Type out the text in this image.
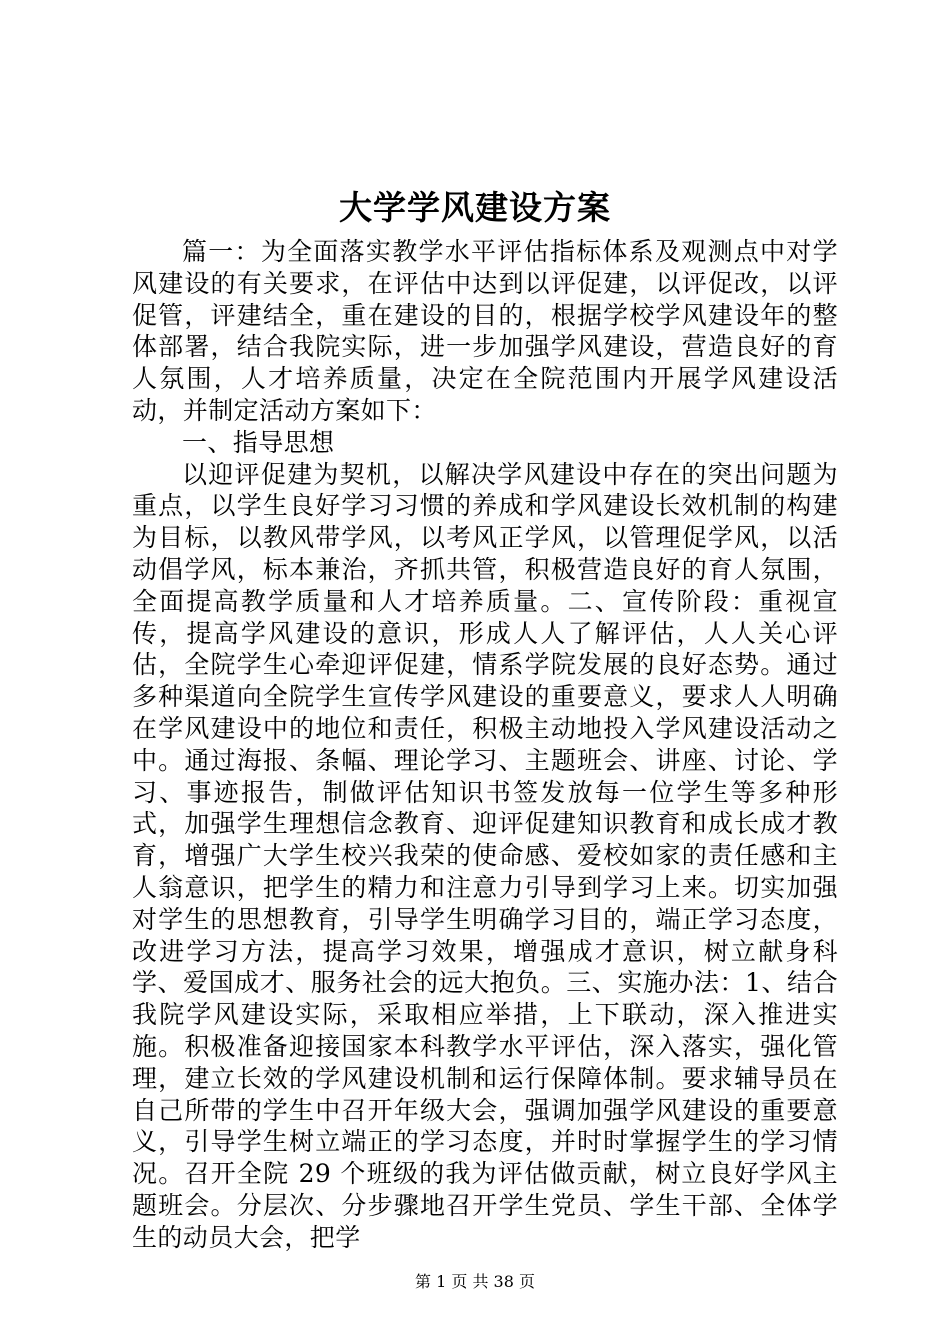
大学学风建设方案

篇一：为全面落实教学水平评估指标体系及观测点中对学风建设的有关要求，在评估中达到以评促建，以评促改，以评促管，评建结全，重在建设的目的，根据学校学风建设年的整体部署，结合我院实际，进一步加强学风建设，营造良好的育人氛围，人才培养质量，决定在全院范围内开展学风建设活动，并制定活动方案如下：

一、指导思想

以迎评促建为契机，以解决学风建设中存在的突出问题为重点，以学生良好学习习惯的养成和学风建设长效机制的构建为目标，以教风带学风，以考风正学风，以管理促学风，以活动倡学风，标本兼治，齐抓共管，积极营造良好的育人氛围，全面提高教学质量和人才培养质量。二、宣传阶段：重视宣传，提高学风建设的意识，形成人人了解评估，人人关心评估，全院学生心牵迎评促建，情系学院发展的良好态势。通过多种渠道向全院学生宣传学风建设的重要意义，要求人人明确在学风建设中的地位和责任，积极主动地投入学风建设活动之中。通过海报、条幅、理论学习、主题班会、讲座、讨论、学习、事迹报告，制做评估知识书签发放每一位学生等多种形式，加强学生理想信念教育、迎评促建知识教育和成长成才教育，增强广大学生校兴我荣的使命感、爱校如家的责任感和主人翁意识，把学生的精力和注意力引导到学习上来。切实加强对学生的思想教育，引导学生明确学习目的，端正学习态度，改进学习方法，提高学习效果，增强成才意识，树立献身科学、爱国成才、服务社会的远大抱负。三、实施办法：1、结合我院学风建设实际，采取相应举措，上下联动，深入推进实施。积极准备迎接国家本科教学水平评估，深入落实，强化管理，建立长效的学风建设机制和运行保障体制。要求辅导员在自己所带的学生中召开年级大会，强调加强学风建设的重要意义，引导学生树立端正的学习态度，并时时掌握学生的学习情况。召开全院 29 个班级的我为评估做贡献，树立良好学风主题班会。分层次、分步骤地召开学生党员、学生干部、全体学生的动员大会，把学

第 1 页 共 38 页
